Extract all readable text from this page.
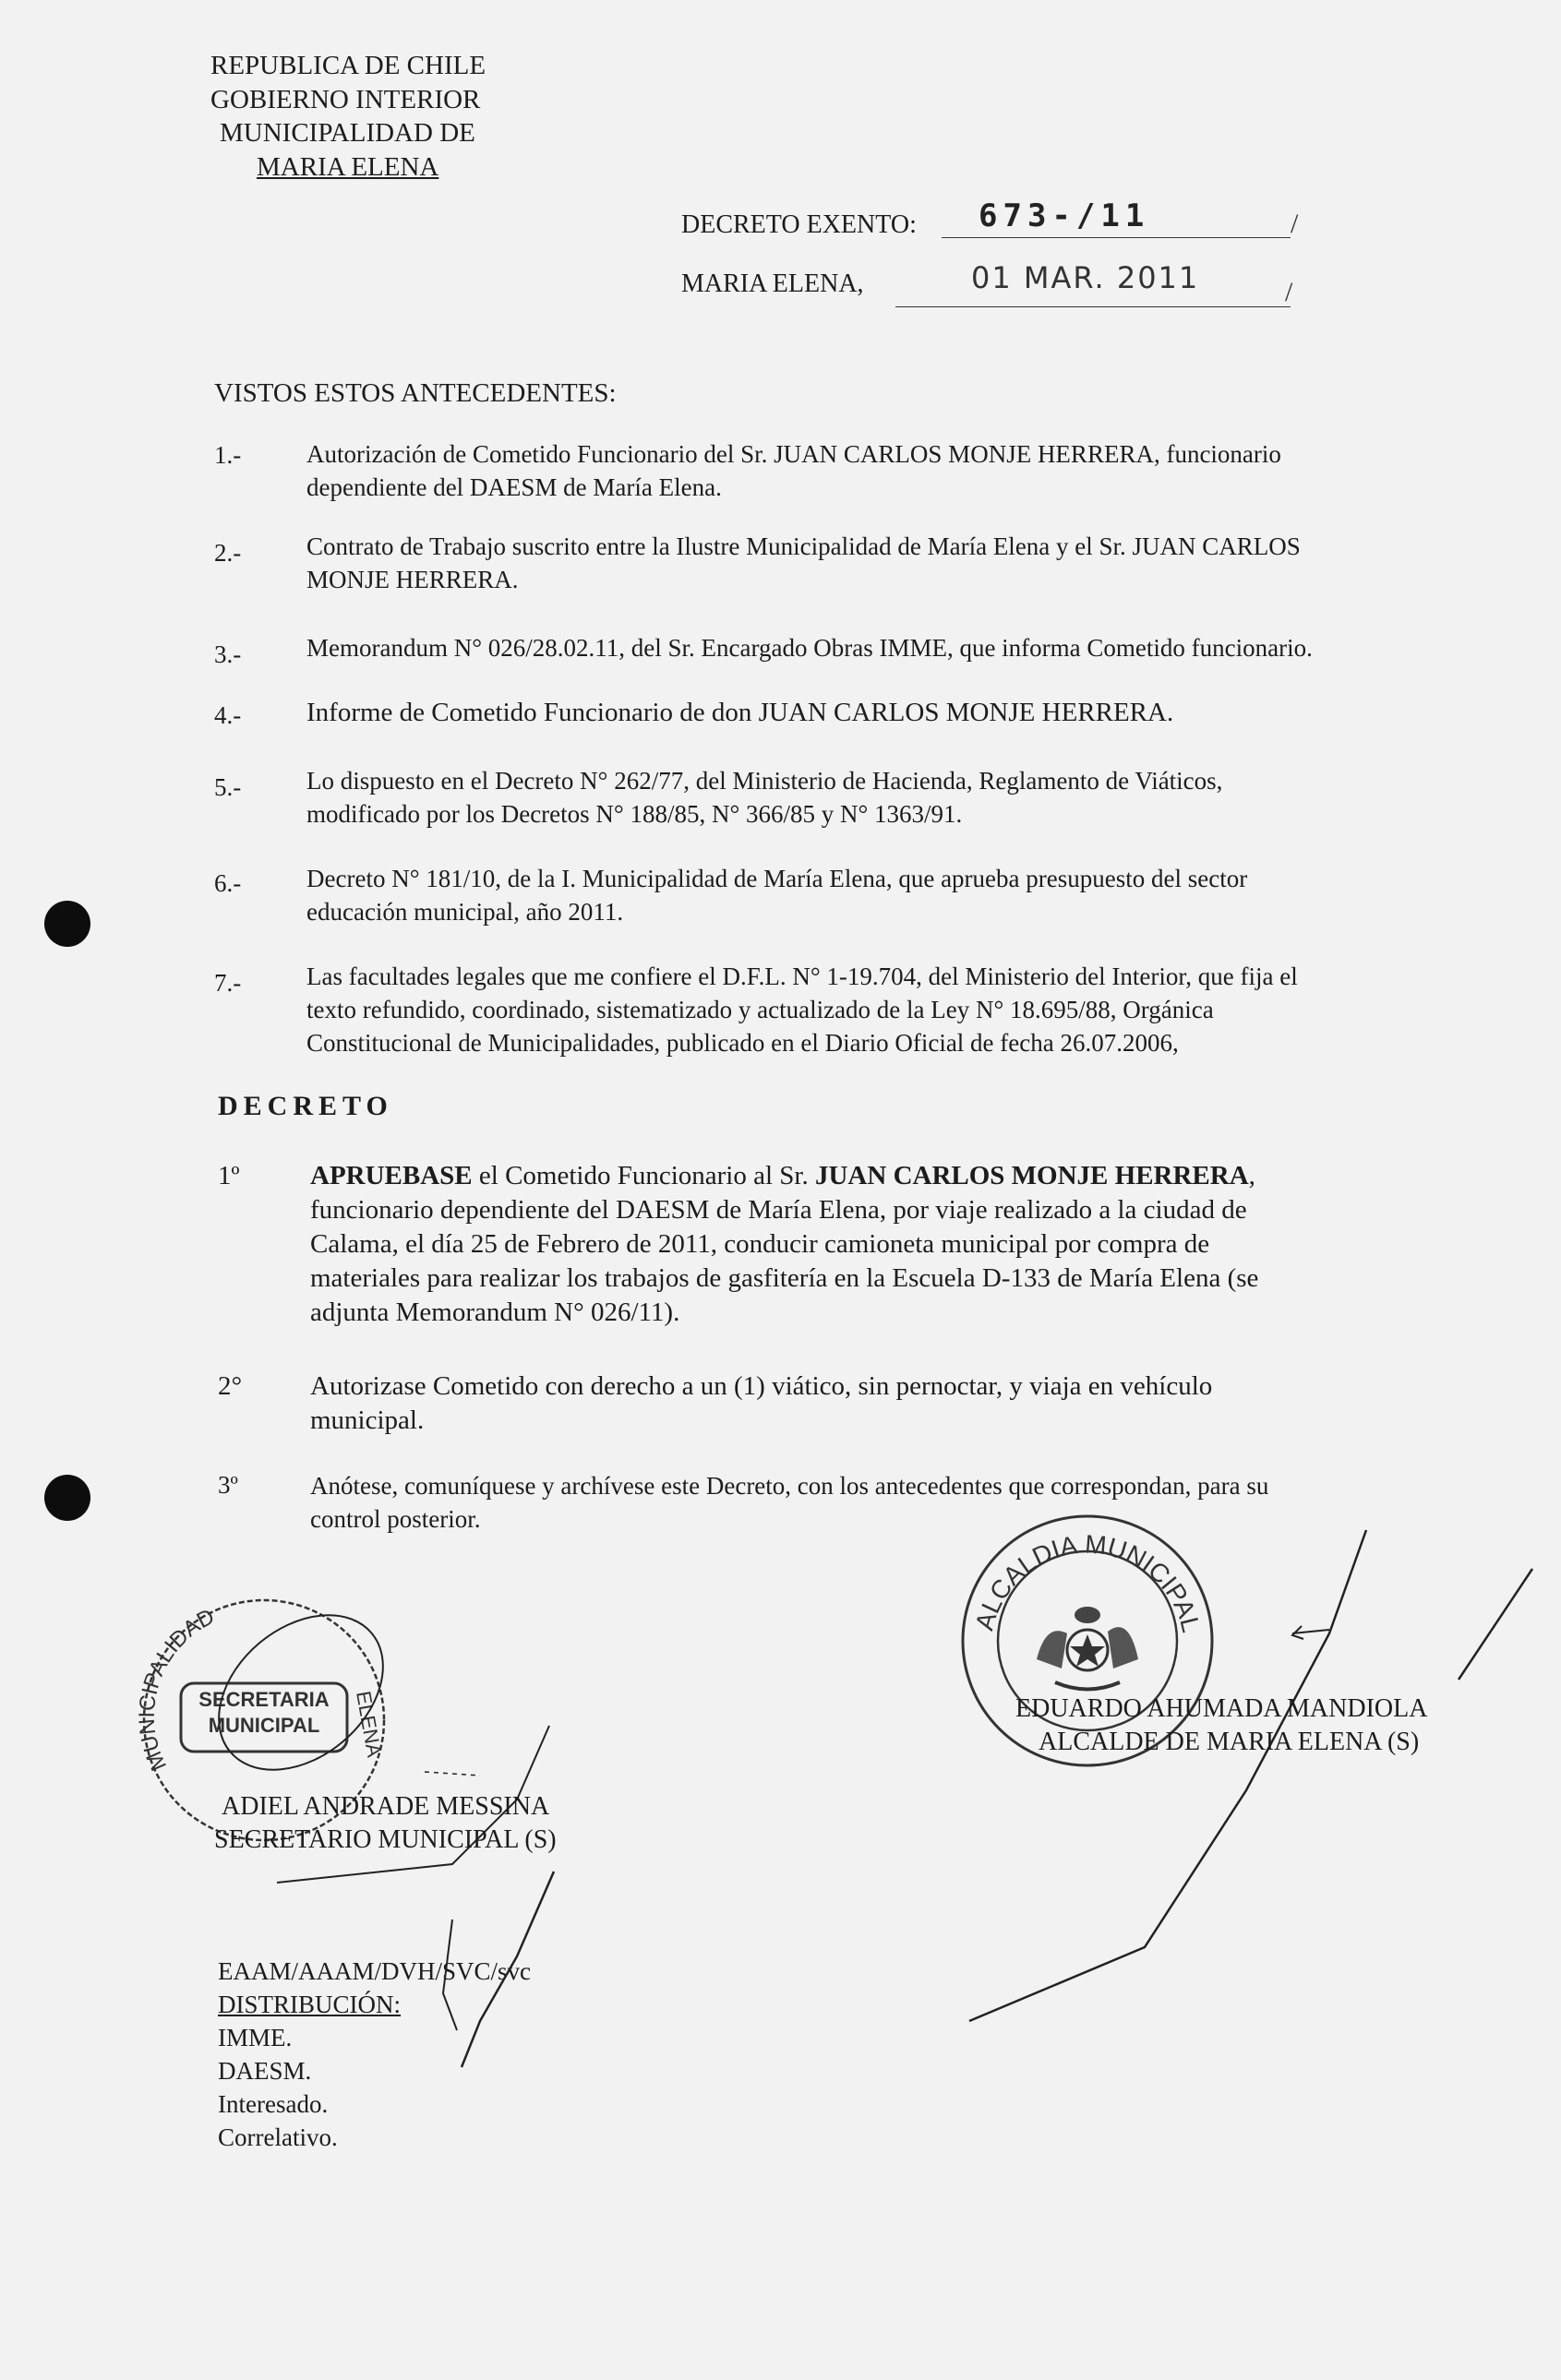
REPUBLICA DE CHILE
GOBIERNO INTERIOR
MUNICIPALIDAD DE
MARIA ELENA
DECRETO EXENTO: 673-/11	/
MARIA ELENA,	01 MAR. 2011	/
VISTOS ESTOS ANTECEDENTES:
1.-	Autorización de Cometido Funcionario del Sr. JUAN CARLOS MONJE HERRERA, funcionario
dependiente del DAESM de María Elena.
2.-	Contrato de Trabajo suscrito entre la Ilustre Municipalidad de María Elena y el Sr. JUAN CARLOS
MONJE HERRERA.
3.-	Memorandum N° 026/28.02.11, del Sr. Encargado Obras IMME, que informa Cometido funcionario.
4.- Informe de Cometido Funcionario de don JUAN CARLOS MONJE HERRERA.
5.-	Lo dispuesto en el Decreto N° 262/77, del Ministerio de Hacienda, Reglamento de Viáticos,
modificado por los Decretos N° 188/85, N° 366/85 y N° 1363/91.
6.-	Decreto N° 181/10, de la I. Municipalidad de María Elena, que aprueba presupuesto del sector
educación municipal, año 2011.
7.-	Las facultades legales que me confiere el D.F.L. N° 1-19.704, del Ministerio del Interior, que fija el
texto refundido, coordinado, sistematizado y actualizado de la Ley N° 18.695/88, Orgánica
Constitucional de Municipalidades, publicado en el Diario Oficial de fecha 26.07.2006,
DECRETO
1º	APRUEBASE el Cometido Funcionario al Sr. JUAN CARLOS MONJE HERRERA,
funcionario dependiente del DAESM de María Elena, por viaje realizado a la ciudad de
Calama, el día 25 de Febrero de 2011, conducir camioneta municipal por compra de
materiales para realizar los trabajos de gasfitería en la Escuela D-133 de María Elena (se
adjunta Memorandum N° 026/11).
2°	Autorizase Cometido con derecho a un (1) viático, sin pernoctar, y viaja en vehículo
municipal.
3º	Anótese, comuníquese y archívese este Decreto, con los antecedentes que correspondan, para su
control posterior.
ALCALDIA MUNICIPAL
EDUARDO AHUMADA MANDIOLA
ALCALDE DE MARIA ELENA (S)
MUNICIPALIDAD
ELENA
SECRETARIA MUNICIPAL
ADIEL ANDRADE MESSINA
SECRETARIO MUNICIPAL (S)
EAAM/AAAM/DVH/SVC/svc
DISTRIBUCIÓN:
IMME.
DAESM.
Interesado.
Correlativo.
